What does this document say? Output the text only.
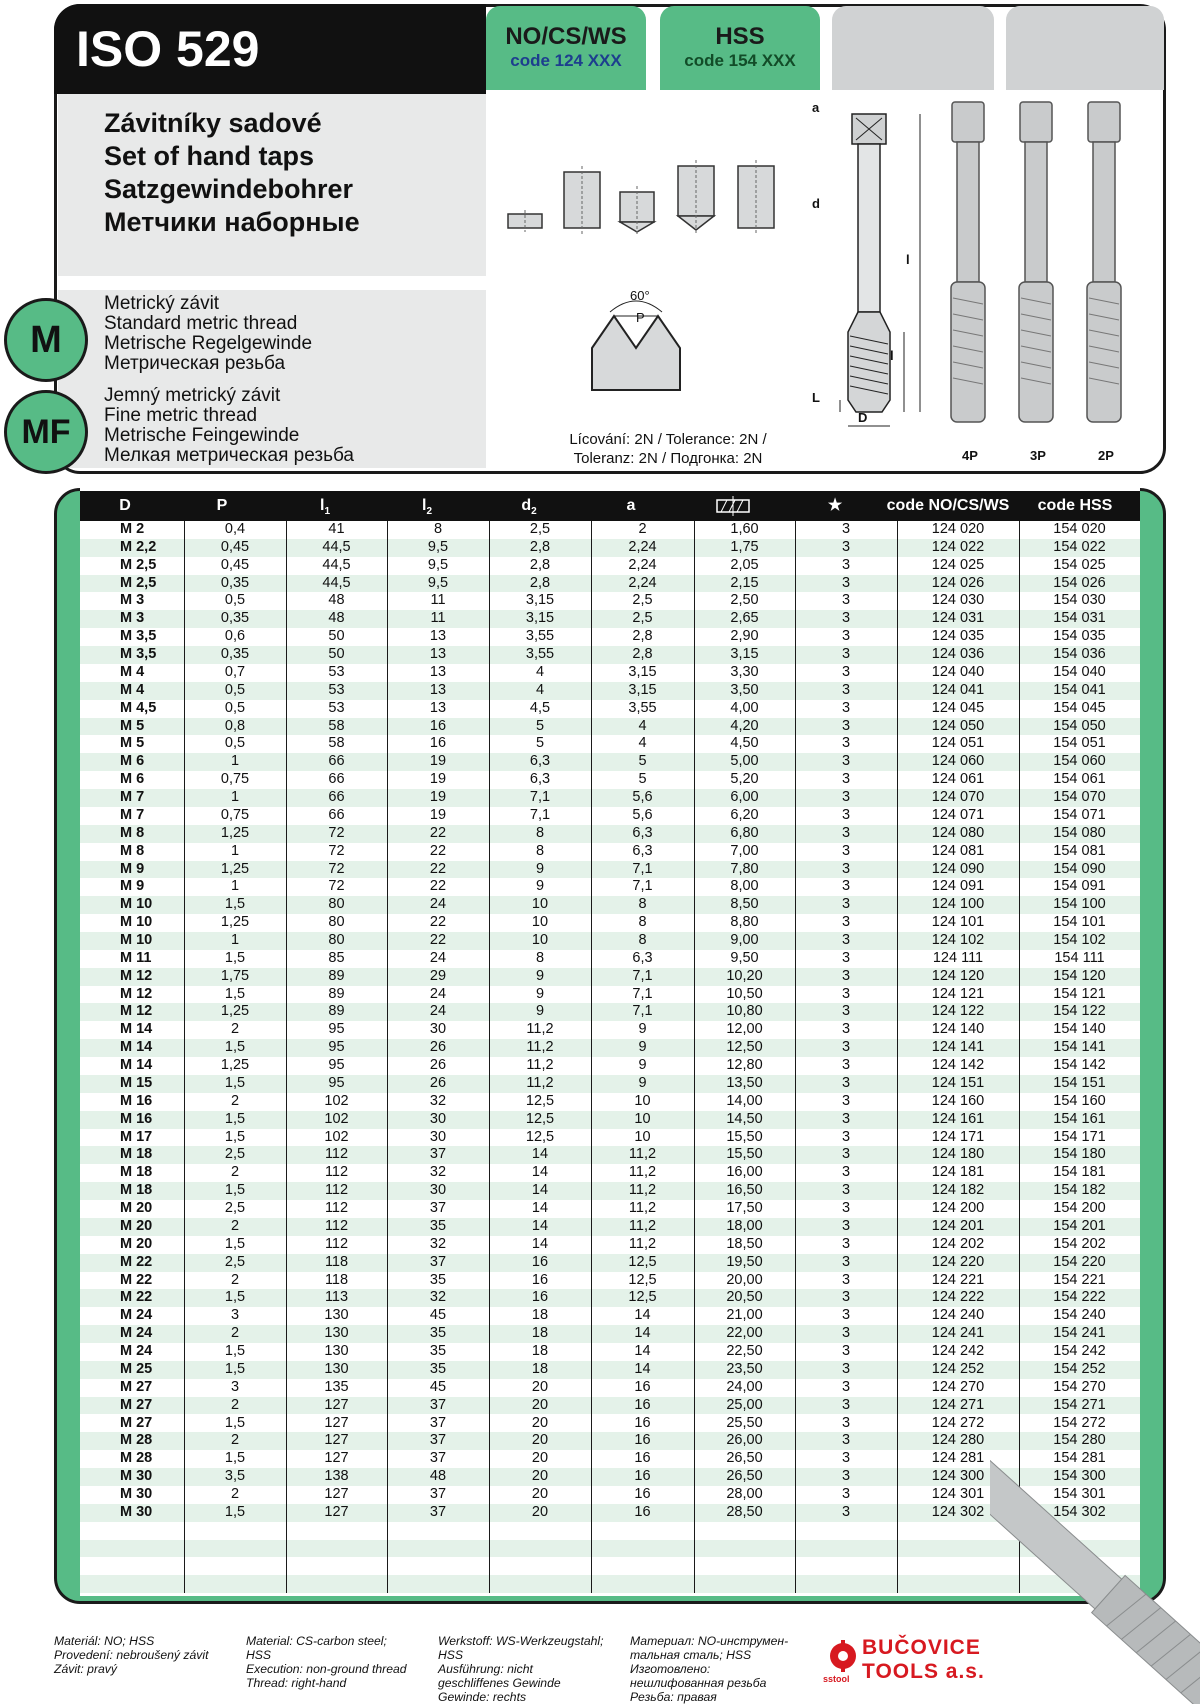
ISO 529	NO/CS/WS
code 124 XXX
HSS
code 154 XXX
Závitníky sadové
Set of hand taps
Satzgewindebohrer
Метчики наборные
M
MF
Metrický závit
Standard metric thread
Metrische Regelgewinde
Метрическая резьба
Jemný metrický závit
Fine metric thread
Metrische Feingewinde
Мелкая метрическая резьба
60°
P
Lícování: 2N / Tolerance: 2N /
Toleranz: 2N / Подгонка: 2N
a
d
l
l
L
D
4P	3P	2P
D	P	$l_1$	$l_2$	$d_2$	a	★	code NO/CS/WS	code HSS
M 2	0,4	41	8	2,5	2	1,60	3	124 020	154 020
M 2,2	0,45	44,5	9,5	2,8	2,24	1,75	3	124 022	154 022
M 2,5	0,45	44,5	9,5	2,8	2,24	2,05	3	124 025	154 025
M 2,5	0,35	44,5	9,5	2,8	2,24	2,15	3	124 026	154 026
M 3	0,5	48	11	3,15	2,5	2,50	3	124 030	154 030
M 3	0,35	48	11	3,15	2,5	2,65	3	124 031	154 031
M 3,5	0,6	50	13	3,55	2,8	2,90	3	124 035	154 035
M 3,5	0,35	50	13	3,55	2,8	3,15	3	124 036	154 036
M 4	0,7	53	13	4	3,15	3,30	3	124 040	154 040
M 4	0,5	53	13	4	3,15	3,50	3	124 041	154 041
M 4,5	0,5	53	13	4,5	3,55	4,00	3	124 045	154 045
M 5	0,8	58	16	5	4	4,20	3	124 050	154 050
M 5	0,5	58	16	5	4	4,50	3	124 051	154 051
M 6	1	66	19	6,3	5	5,00	3	124 060	154 060
M 6	0,75	66	19	6,3	5	5,20	3	124 061	154 061
M 7	1	66	19	7,1	5,6	6,00	3	124 070	154 070
M 7	0,75	66	19	7,1	5,6	6,20	3	124 071	154 071
M 8	1,25	72	22	8	6,3	6,80	3	124 080	154 080
M 8	1	72	22	8	6,3	7,00	3	124 081	154 081
M 9	1,25	72	22	9	7,1	7,80	3	124 090	154 090
M 9	1	72	22	9	7,1	8,00	3	124 091	154 091
M 10	1,5	80	24	10	8	8,50	3	124 100	154 100
M 10	1,25	80	22	10	8	8,80	3	124 101	154 101
M 10	1	80	22	10	8	9,00	3	124 102	154 102
M 11	1,5	85	24	8	6,3	9,50	3	124 111	154 111
M 12	1,75	89	29	9	7,1	10,20	3	124 120	154 120
M 12	1,5	89	24	9	7,1	10,50	3	124 121	154 121
M 12	1,25	89	24	9	7,1	10,80	3	124 122	154 122
M 14	2	95	30	11,2	9	12,00	3	124 140	154 140
M 14	1,5	95	26	11,2	9	12,50	3	124 141	154 141
M 14	1,25	95	26	11,2	9	12,80	3	124 142	154 142
M 15	1,5	95	26	11,2	9	13,50	3	124 151	154 151
M 16	2	102	32	12,5	10	14,00	3	124 160	154 160
M 16	1,5	102	30	12,5	10	14,50	3	124 161	154 161
M 17	1,5	102	30	12,5	10	15,50	3	124 171	154 171
M 18	2,5	112	37	14	11,2	15,50	3	124 180	154 180
M 18	2	112	32	14	11,2	16,00	3	124 181	154 181
M 18	1,5	112	30	14	11,2	16,50	3	124 182	154 182
M 20	2,5	112	37	14	11,2	17,50	3	124 200	154 200
M 20	2	112	35	14	11,2	18,00	3	124 201	154 201
M 20	1,5	112	32	14	11,2	18,50	3	124 202	154 202
M 22	2,5	118	37	16	12,5	19,50	3	124 220	154 220
M 22	2	118	35	16	12,5	20,00	3	124 221	154 221
M 22	1,5	113	32	16	12,5	20,50	3	124 222	154 222
M 24	3	130	45	18	14	21,00	3	124 240	154 240
M 24	2	130	35	18	14	22,00	3	124 241	154 241
M 24	1,5	130	35	18	14	22,50	3	124 242	154 242
M 25	1,5	130	35	18	14	23,50	3	124 252	154 252
M 27	3	135	45	20	16	24,00	3	124 270	154 270
M 27	2	127	37	20	16	25,00	3	124 271	154 271
M 27	1,5	127	37	20	16	25,50	3	124 272	154 272
M 28	2	127	37	20	16	26,00	3	124 280	154 280
M 28	1,5	127	37	20	16	26,50	3	124 281	154 281
M 30	3,5	138	48	20	16	26,50	3	124 300	154 300
M 30	2	127	37	20	16	28,00	3	124 301	154 301
M 30	1,5	127	37	20	16	28,50	3	124 302	154 302
Materiál: NO; HSS
Provedení: nebroušený závit
Závit: pravý
Material: CS-carbon steel;
HSS
Execution: non-ground thread
Thread: right-hand
Werkstoff: WS-Werkzeugstahl;
HSS
Ausführung: nicht
geschliffenes Gewinde
Gewinde: rechts
Материал: NO-инструмен-
тальная сталь; HSS
Изготовлено:
нешлифованная резьба
Резьба: правая
sstool
BUČOVICE
TOOLS a.s.
